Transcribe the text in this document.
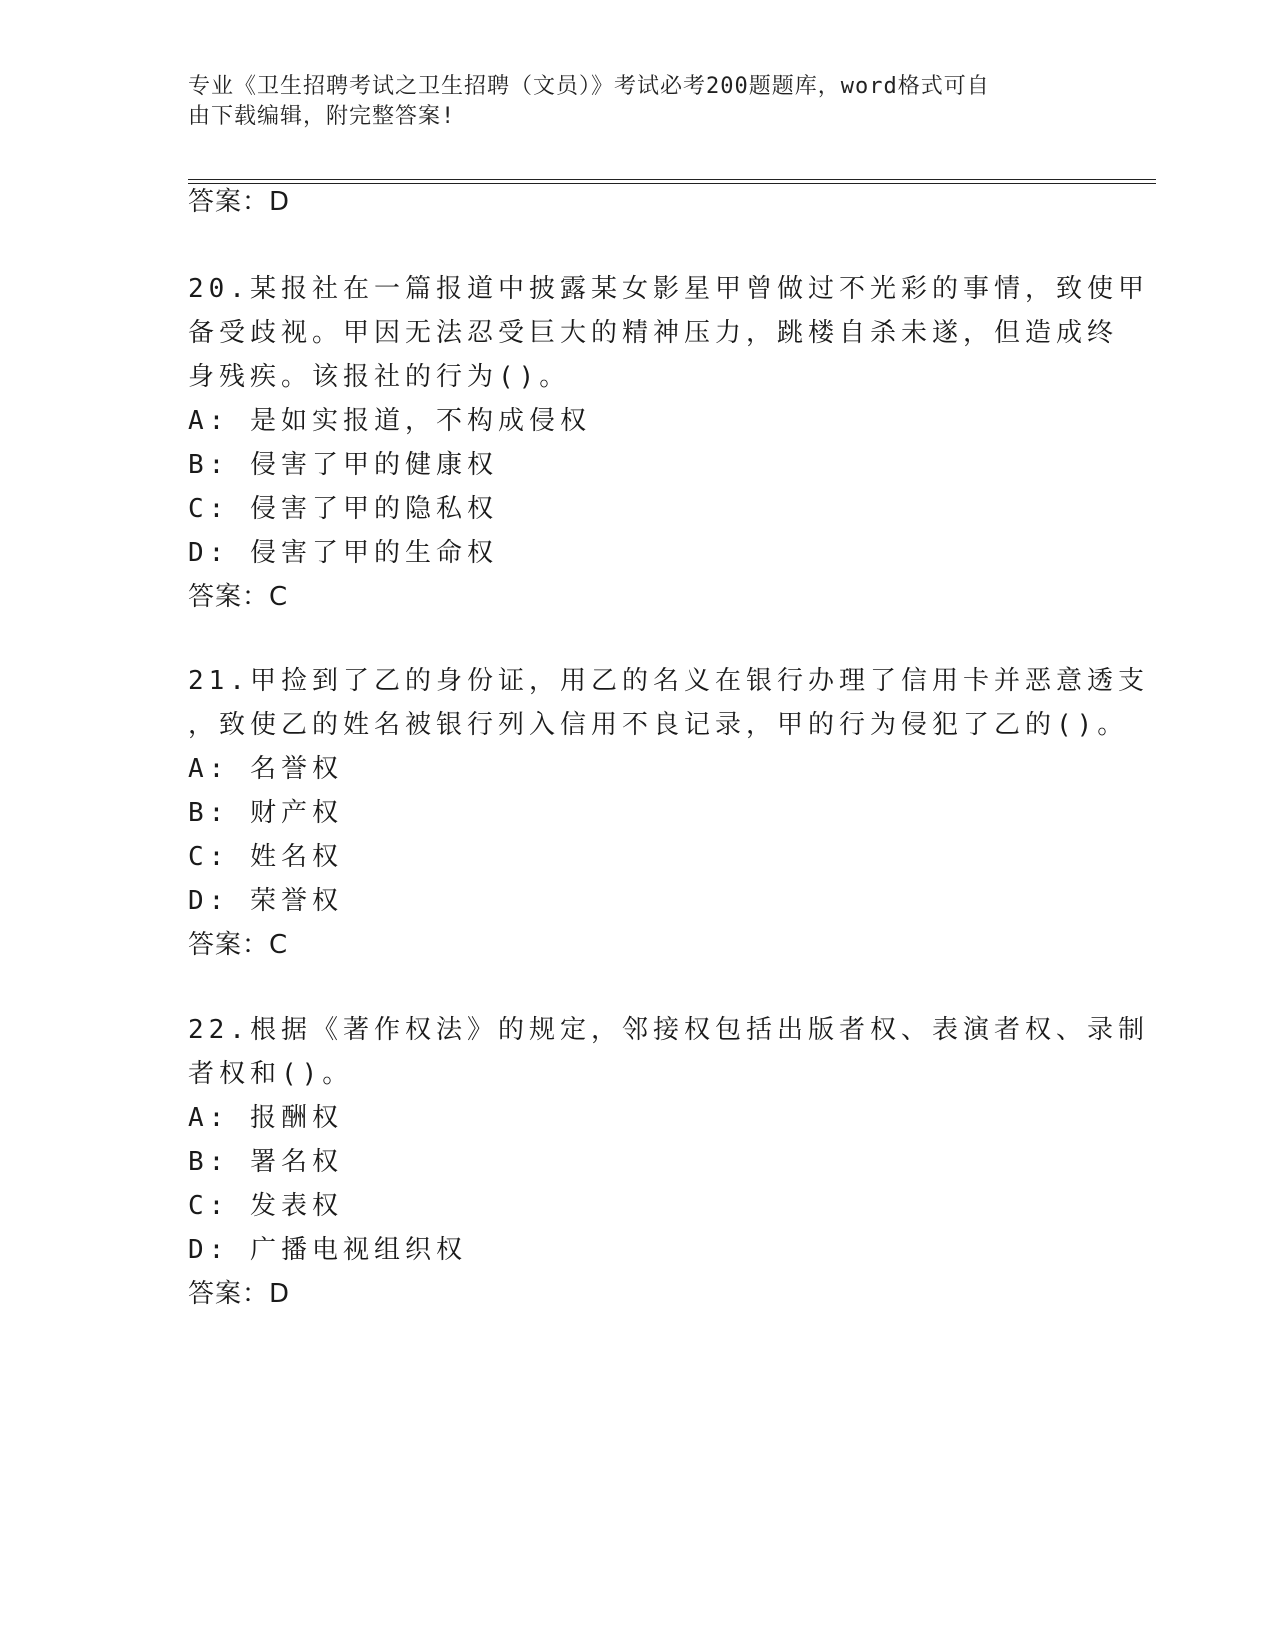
专业《卫生招聘考试之卫生招聘（文员）》考试必考200题题库，word格式可自
由下载编辑，附完整答案!
答案：D
20.某报社在一篇报道中披露某女影星甲曾做过不光彩的事情，致使甲
备受歧视。甲因无法忍受巨大的精神压力，跳楼自杀未遂，但造成终
身残疾。该报社的行为()。
A: 是如实报道，不构成侵权
B: 侵害了甲的健康权
C: 侵害了甲的隐私权
D: 侵害了甲的生命权
答案：C
21.甲捡到了乙的身份证，用乙的名义在银行办理了信用卡并恶意透支
，致使乙的姓名被银行列入信用不良记录，甲的行为侵犯了乙的()。
A: 名誉权
B: 财产权
C: 姓名权
D: 荣誉权
答案：C
22.根据《著作权法》的规定，邻接权包括出版者权、表演者权、录制
者权和()。
A: 报酬权
B: 署名权
C: 发表权
D: 广播电视组织权
答案：D
